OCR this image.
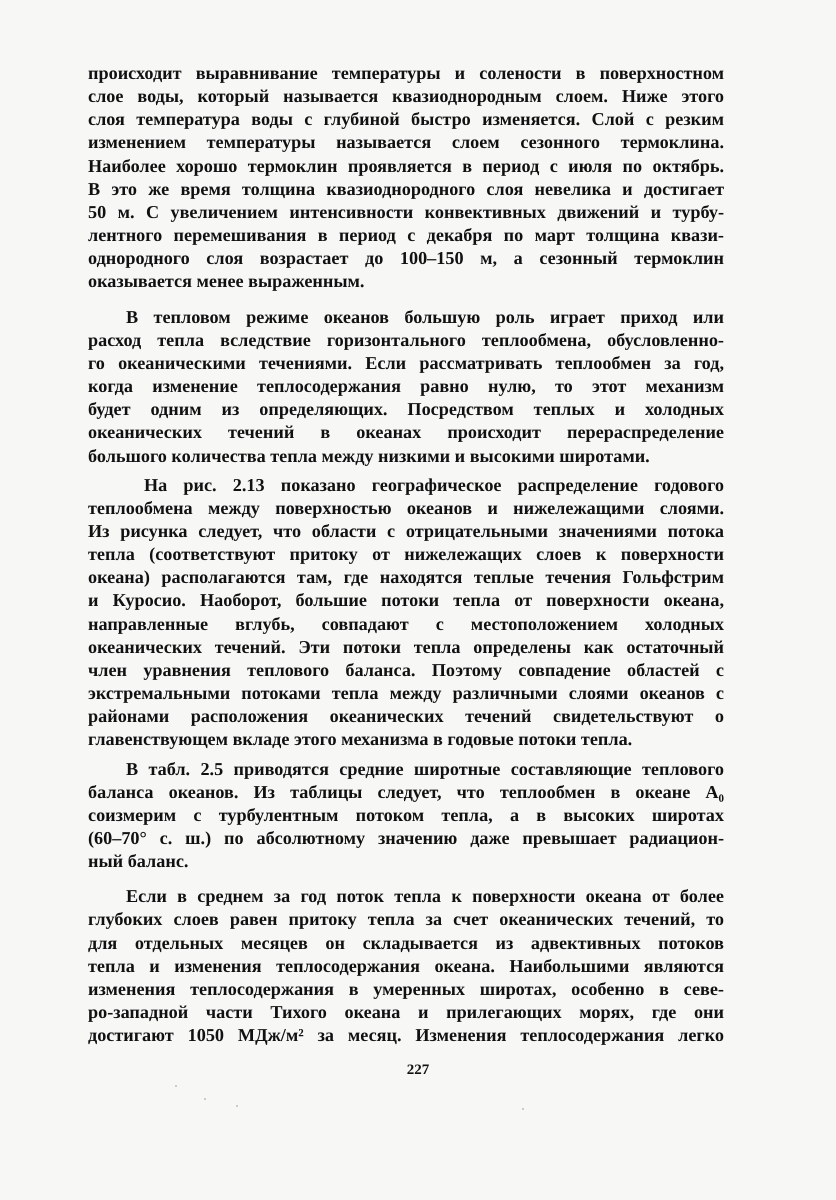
происходит выравнивание температуры и солености в поверхностном
слое воды, который называется квазиоднородным слоем. Ниже этого
слоя температура воды с глубиной быстро изменяется. Слой с резким
изменением температуры называется слоем сезонного термоклина.
Наиболее хорошо термоклин проявляется в период с июля по октябрь.
В это же время толщина квазиоднородного слоя невелика и достигает
50 м. С увеличением интенсивности конвективных движений и турбу-
лентного перемешивания в период с декабря по март толщина квази-
однородного слоя возрастает до 100–150 м, а сезонный термоклин
оказывается менее выраженным.
В тепловом режиме океанов большую роль играет приход или
расход тепла вследствие горизонтального теплообмена, обусловленно-
го океаническими течениями. Если рассматривать теплообмен за год,
когда изменение теплосодержания равно нулю, то этот механизм
будет одним из определяющих. Посредством теплых и холодных
океанических течений в океанах происходит перераспределение
большого количества тепла между низкими и высокими широтами.
На рис. 2.13 показано географическое распределение годового
теплообмена между поверхностью океанов и нижележащими слоями.
Из рисунка следует, что области с отрицательными значениями потока
тепла (соответствуют притоку от нижележащих слоев к поверхности
океана) располагаются там, где находятся теплые течения Гольфстрим
и Куросио. Наоборот, большие потоки тепла от поверхности океана,
направленные вглубь, совпадают с местоположением холодных
океанических течений. Эти потоки тепла определены как остаточный
член уравнения теплового баланса. Поэтому совпадение областей с
экстремальными потоками тепла между различными слоями океанов с
районами расположения океанических течений свидетельствуют о
главенствующем вкладе этого механизма в годовые потоки тепла.
В табл. 2.5 приводятся средние широтные составляющие теплового
баланса океанов. Из таблицы следует, что теплообмен в океане A₀
соизмерим с турбулентным потоком тепла, а в высоких широтах
(60–70° с. ш.) по абсолютному значению даже превышает радиацион-
ный баланс.
Если в среднем за год поток тепла к поверхности океана от более
глубоких слоев равен притоку тепла за счет океанических течений, то
для отдельных месяцев он складывается из адвективных потоков
тепла и изменения теплосодержания океана. Наибольшими являются
изменения теплосодержания в умеренных широтах, особенно в севе-
ро-западной части Тихого океана и прилегающих морях, где они
достигают 1050 МДж/м² за месяц. Изменения теплосодержания легко
227
